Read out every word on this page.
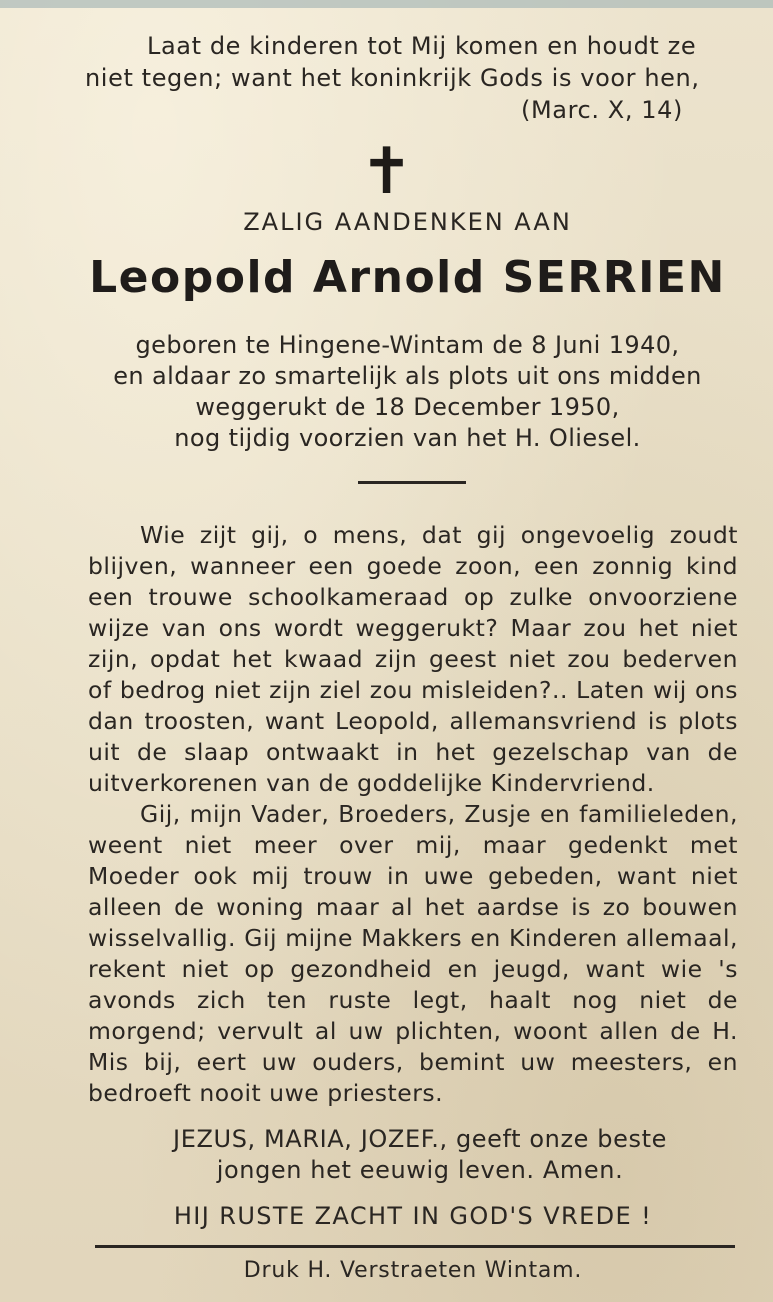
Laat de kinderen tot Mij komen en houdt ze
niet tegen; want het koninkrijk Gods is voor hen,
(Marc. X, 14)
✝
ZALIG AANDENKEN AAN
Leopold Arnold SERRIEN
geboren te Hingene-Wintam de 8 Juni 1940,
en aldaar zo smartelijk als plots uit ons midden
weggerukt de 18 December 1950,
nog tijdig voorzien van het H. Oliesel.

Wie zijt gij, o mens, dat gij ongevoelig zoudt blijven, wanneer een goede zoon, een zonnig kind een trouwe schoolkameraad op zulke onvoorziene wijze van ons wordt weggerukt? Maar zou het niet zijn, opdat het kwaad zijn geest niet zou bederven of bedrog niet zijn ziel zou misleiden?.. Laten wij ons dan troosten, want Leopold, allemansvriend is plots uit de slaap ontwaakt in het gezelschap van de uitverkorenen van de goddelijke Kindervriend.

Gij, mijn Vader, Broeders, Zusje en familieleden, weent niet meer over mij, maar gedenkt met Moeder ook mij trouw in uwe gebeden, want niet alleen de woning maar al het aardse is zo bouwen wisselvallig. Gij mijne Makkers en Kinderen allemaal, rekent niet op gezondheid en jeugd, want wie 's avonds zich ten ruste legt, haalt nog niet de morgend; vervult al uw plichten, woont allen de H. Mis bij, eert uw ouders, bemint uw meesters, en bedroeft nooit uwe priesters.

JEZUS, MARIA, JOZEF., geeft onze beste
jongen het eeuwig leven. Amen.
HIJ RUSTE ZACHT IN GOD'S VREDE !
Druk H. Verstraeten Wintam.
